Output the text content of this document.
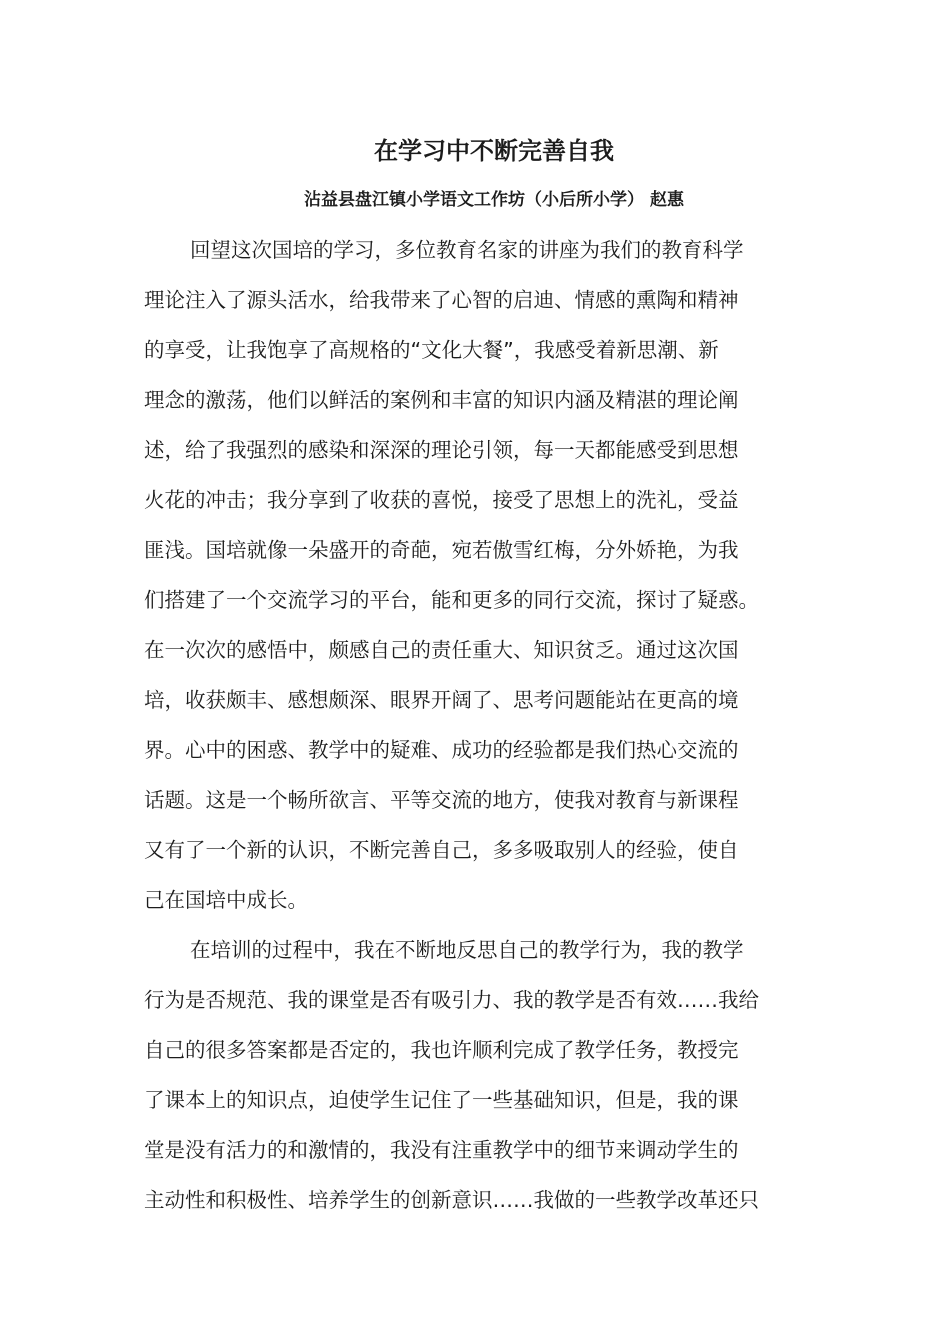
在学习中不断完善自我
沾益县盘江镇小学语文工作坊（小后所小学） 赵惠

回望这次国培的学习，多位教育名家的讲座为我们的教育科学
理论注入了源头活水，给我带来了心智的启迪、情感的熏陶和精神
的享受，让我饱享了高规格的“文化大餐”，我感受着新思潮、新
理念的激荡，他们以鲜活的案例和丰富的知识内涵及精湛的理论阐
述，给了我强烈的感染和深深的理论引领，每一天都能感受到思想
火花的冲击；我分享到了收获的喜悦，接受了思想上的洗礼，受益
匪浅。国培就像一朵盛开的奇葩，宛若傲雪红梅，分外娇艳，为我
们搭建了一个交流学习的平台，能和更多的同行交流，探讨了疑惑。
在一次次的感悟中，颇感自己的责任重大、知识贫乏。通过这次国
培，收获颇丰、感想颇深、眼界开阔了、思考问题能站在更高的境
界。心中的困惑、教学中的疑难、成功的经验都是我们热心交流的
话题。这是一个畅所欲言、平等交流的地方，使我对教育与新课程
又有了一个新的认识，不断完善自己，多多吸取别人的经验，使自
己在国培中成长。

在培训的过程中，我在不断地反思自己的教学行为，我的教学
行为是否规范、我的课堂是否有吸引力、我的教学是否有效……我给
自己的很多答案都是否定的，我也许顺利完成了教学任务，教授完
了课本上的知识点，迫使学生记住了一些基础知识，但是，我的课
堂是没有活力的和激情的，我没有注重教学中的细节来调动学生的
主动性和积极性、培养学生的创新意识……我做的一些教学改革还只
